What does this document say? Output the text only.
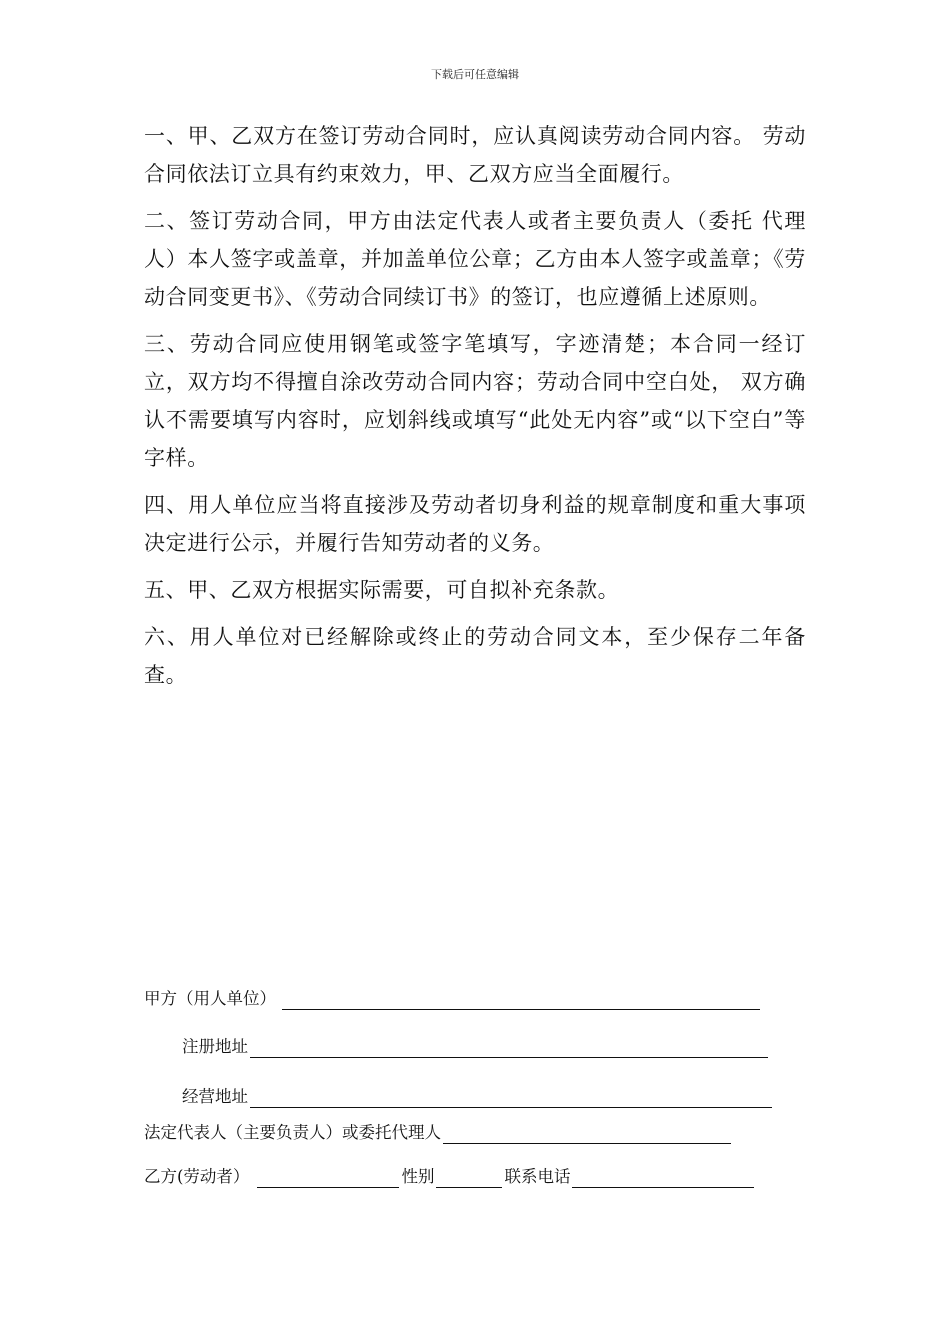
下载后可任意编辑

一、甲、乙双方在签订劳动合同时，应认真阅读劳动合同内容。 劳动合同依法订立具有约束效力，甲、乙双方应当全面履行。

二、签订劳动合同，甲方由法定代表人或者主要负责人（委托 代理人）本人签字或盖章，并加盖单位公章；乙方由本人签字或盖章；《劳动合同变更书》、《劳动合同续订书》的签订，也应遵循上述原则。

三、劳动合同应使用钢笔或签字笔填写，字迹清楚；本合同一经订立，双方均不得擅自涂改劳动合同内容；劳动合同中空白处， 双方确认不需要填写内容时，应划斜线或填写“此处无内容”或“以下空白”等字样。

四、用人单位应当将直接涉及劳动者切身利益的规章制度和重大事项决定进行公示，并履行告知劳动者的义务。

五、甲、乙双方根据实际需要，可自拟补充条款。

六、用人单位对已经解除或终止的劳动合同文本，至少保存二年备查。

甲方（用人单位）
注册地址
经营地址
法定代表人（主要负责人）或委托代理人
乙方(劳动者）	性别	联系电话
